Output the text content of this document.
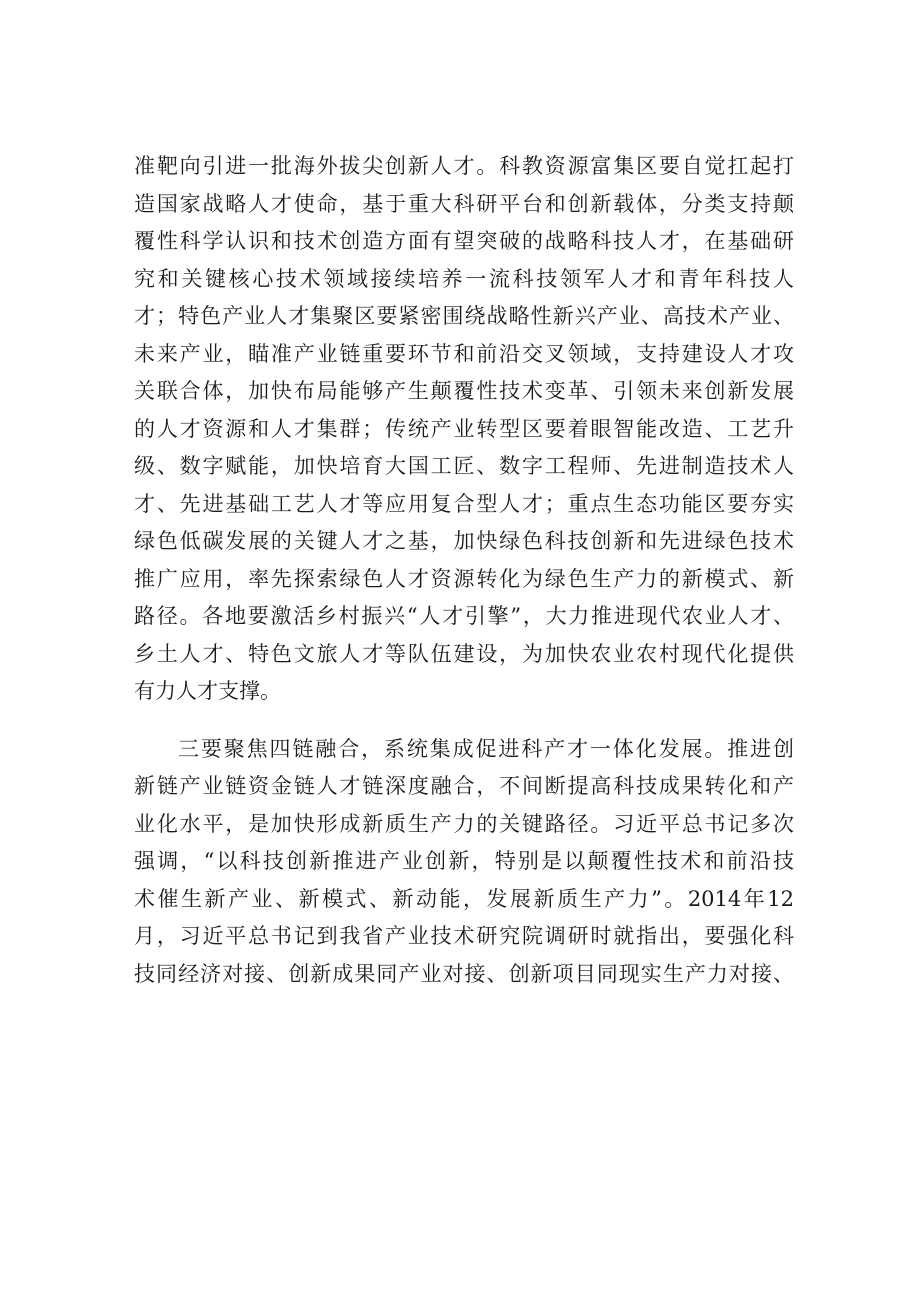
准靶向引进一批海外拔尖创新人才。科教资源富集区要自觉扛起打
造国家战略人才使命，基于重大科研平台和创新载体，分类支持颠
覆性科学认识和技术创造方面有望突破的战略科技人才，在基础研
究和关键核心技术领域接续培养一流科技领军人才和青年科技人
才；特色产业人才集聚区要紧密围绕战略性新兴产业、高技术产业、
未来产业，瞄准产业链重要环节和前沿交叉领域，支持建设人才攻
关联合体，加快布局能够产生颠覆性技术变革、引领未来创新发展
的人才资源和人才集群；传统产业转型区要着眼智能改造、工艺升
级、数字赋能，加快培育大国工匠、数字工程师、先进制造技术人
才、先进基础工艺人才等应用复合型人才；重点生态功能区要夯实
绿色低碳发展的关键人才之基，加快绿色科技创新和先进绿色技术
推广应用，率先探索绿色人才资源转化为绿色生产力的新模式、新
路径。各地要激活乡村振兴“人才引擎”，大力推进现代农业人才、
乡土人才、特色文旅人才等队伍建设，为加快农业农村现代化提供
有力人才支撑。
三要聚焦四链融合，系统集成促进科产才一体化发展。推进创
新链产业链资金链人才链深度融合，不间断提高科技成果转化和产
业化水平，是加快形成新质生产力的关键路径。习近平总书记多次
强调，“以科技创新推进产业创新，特别是以颠覆性技术和前沿技
术催生新产业、新模式、新动能，发展新质生产力”。2014年12
月，习近平总书记到我省产业技术研究院调研时就指出，要强化科
技同经济对接、创新成果同产业对接、创新项目同现实生产力对接、
